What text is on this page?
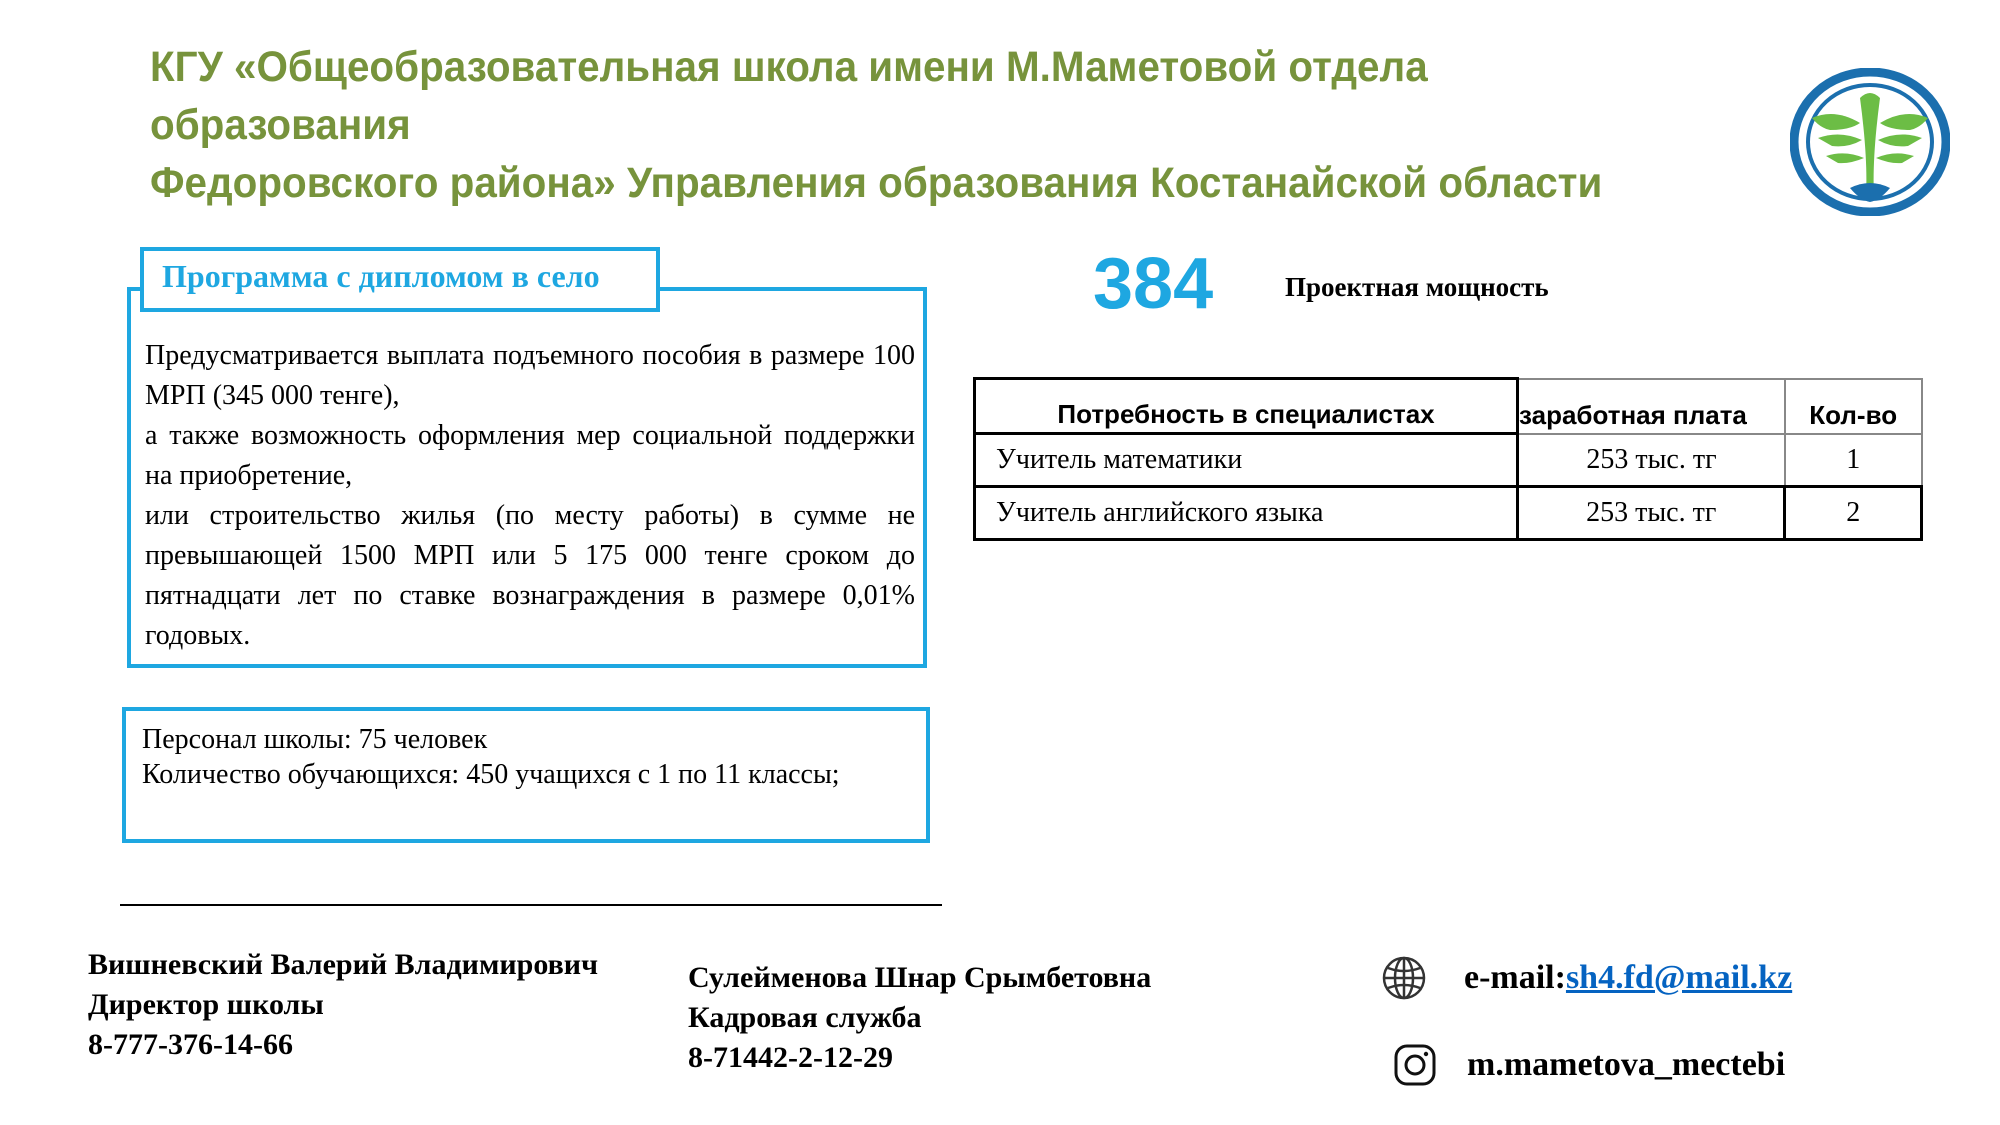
КГУ «Общеобразовательная школа имени М.Маметовой отдела образования
Федоровского района» Управления образования Костанайской области
Программа с дипломом в село

Предусматривается выплата подъемного пособия в размере 100 МРП (345 000 тенге),

а также возможность оформления мер социальной поддержки на приобретение,

или строительство жилья (по месту работы) в сумме не превышающей 1500 МРП или 5 175 000 тенге сроком до пятнадцати лет по ставке вознаграждения в размере 0,01% годовых.

Персонал школы: 75 человек
Количество обучающихся: 450 учащихся с 1 по 11 классы;
384	Проектная мощность
Потребность в специалистах	заработная плата	Кол-во
Учитель математики	253 тыс. тг	1
Учитель английского языка	253 тыс. тг	2
Вишневский Валерий Владимирович
Директор школы
8-777-376-14-66
Сулейменова Шнар Срымбетовна
Кадровая служба
8-71442-2-12-29
e-mail: sh4.fd@mail.kz
m.mametova_mectebi
